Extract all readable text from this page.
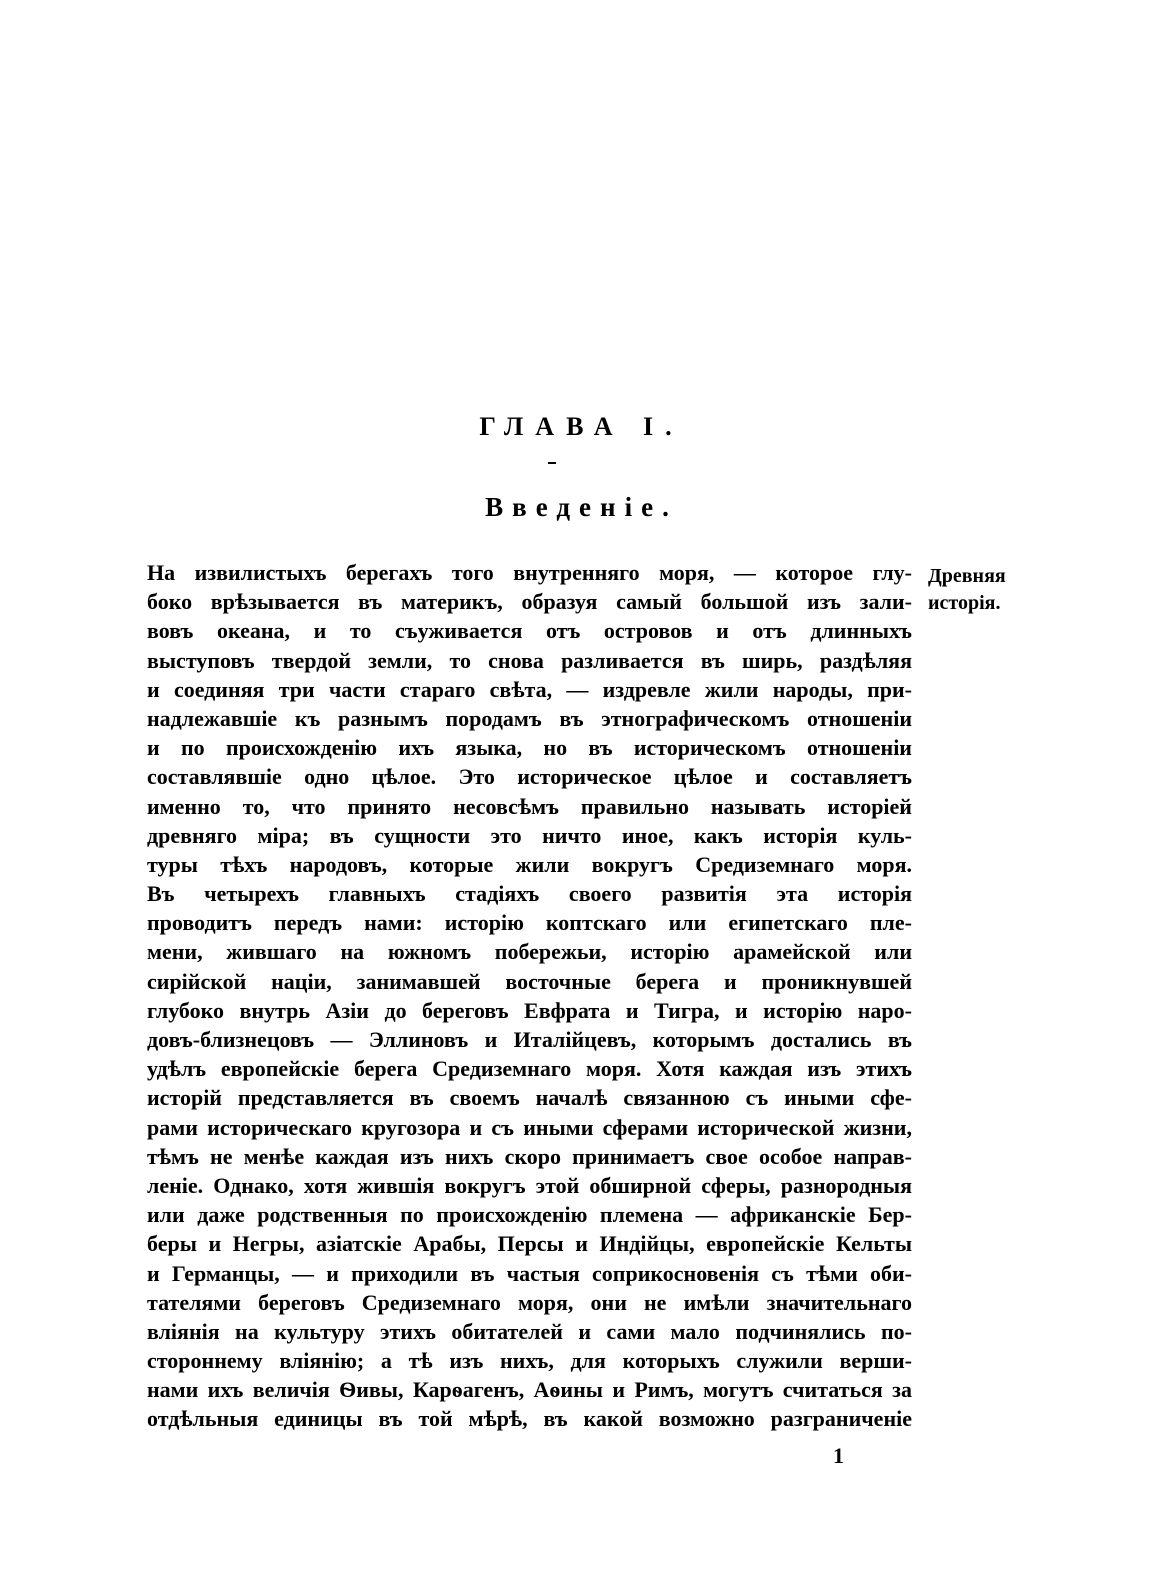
ГЛАВА I.
Введеніе.
На извилистыхъ берегахъ того внутренняго моря, — которое глу-
боко врѣзывается въ материкъ, образуя самый большой изъ зали-
вовъ океана, и то съуживается отъ островов и отъ длинныхъ
выступовъ твердой земли, то снова разливается въ ширь, раздѣляя
и соединяя три части стараго свѣта, — издревле жили народы, при-
надлежавшіе къ разнымъ породамъ въ этнографическомъ отношеніи
и по происхожденію ихъ языка, но въ историческомъ отношеніи
составлявшіе одно цѣлое. Это историческое цѣлое и составляетъ
именно то, что принято несовсѣмъ правильно называть исторіей
древняго міра; въ сущности это ничто иное, какъ исторія куль-
туры тѣхъ народовъ, которые жили вокругъ Средиземнаго моря.
Въ четырехъ главныхъ стадіяхъ своего развитія эта исторія
проводитъ передъ нами: исторію коптскаго или египетскаго пле-
мени, жившаго на южномъ побережьи, исторію арамейской или
сирійской націи, занимавшей восточные берега и проникнувшей
глубоко внутрь Азіи до береговъ Евфрата и Тигра, и исторію наро-
довъ-близнецовъ — Эллиновъ и Италійцевъ, которымъ достались въ
удѣлъ европейскіе берега Средиземнаго моря. Хотя каждая изъ этихъ
исторій представляется въ своемъ началѣ связанною съ иными сфе-
рами историческаго кругозора и съ иными сферами исторической жизни,
тѣмъ не менѣе каждая изъ нихъ скоро принимаетъ свое особое направ-
леніе. Однако, хотя жившія вокругъ этой обширной сферы, разнородныя
или даже родственныя по происхожденію племена — африканскіе Бер-
беры и Негры, азіатскіе Арабы, Персы и Индійцы, европейскіе Кельты
и Германцы, — и приходили въ частыя соприкосновенія съ тѣми оби-
тателями береговъ Средиземнаго моря, они не имѣли значительнаго
вліянія на культуру этихъ обитателей и сами мало подчинялись по-
стороннему вліянію; а тѣ изъ нихъ, для которыхъ служили верши-
нами ихъ величія Ѳивы, Карѳагенъ, Аѳины и Римъ, могутъ считаться за
отдѣльныя единицы въ той мѣрѣ, въ какой возможно разграниченіе
Древняя
исторія.
1
